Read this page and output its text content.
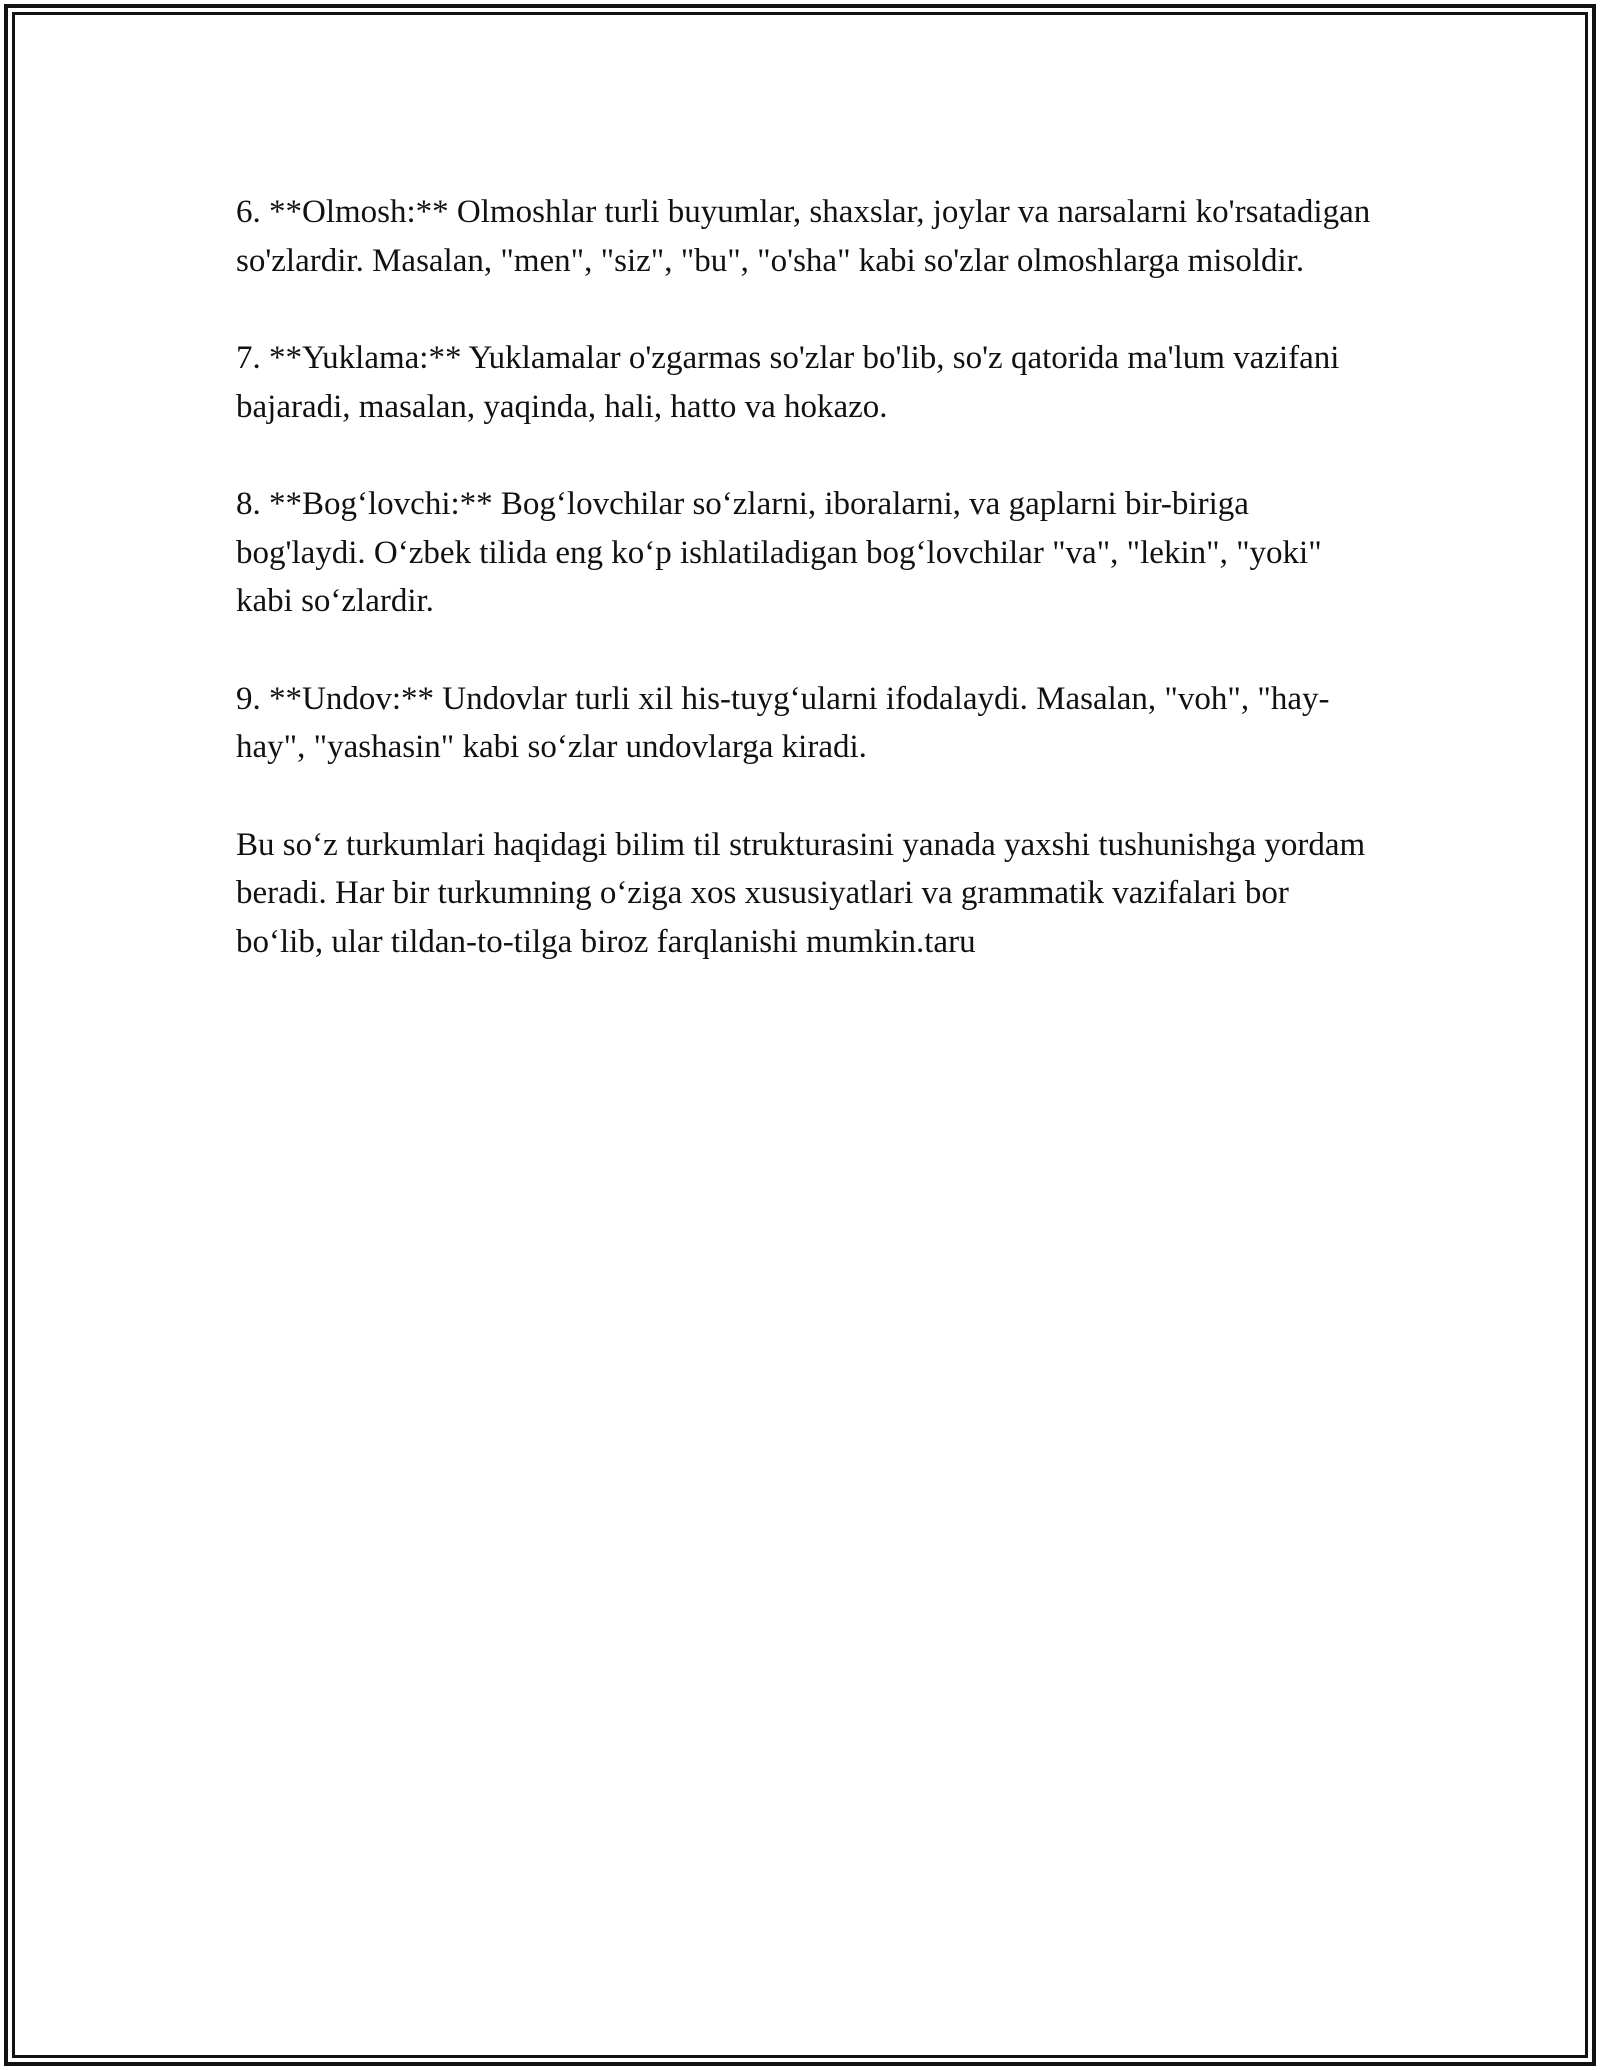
6. **Olmosh:** Olmoshlar turli buyumlar, shaxslar, joylar va narsalarni ko'rsatadigan so'zlardir. Masalan, "men", "siz", "bu", "o'sha" kabi so'zlar olmoshlarga misoldir.

7. **Yuklama:** Yuklamalar o'zgarmas so'zlar bo'lib, so'z qatorida ma'lum vazifani bajaradi, masalan, yaqinda, hali, hatto va hokazo.

8. **Bog‘lovchi:** Bog‘lovchilar so‘zlarni, iboralarni, va gaplarni bir-biriga bog'laydi. O‘zbek tilida eng ko‘p ishlatiladigan bog‘lovchilar "va", "lekin", "yoki" kabi so‘zlardir.

9. **Undov:** Undovlar turli xil his-tuyg‘ularni ifodalaydi. Masalan, "voh", "hay-hay", "yashasin" kabi so‘zlar undovlarga kiradi.

Bu so‘z turkumlari haqidagi bilim til strukturasini yanada yaxshi tushunishga yordam beradi. Har bir turkumning o‘ziga xos xususiyatlari va grammatik vazifalari bor bo‘lib, ular tildan-to-tilga biroz farqlanishi mumkin.taru
